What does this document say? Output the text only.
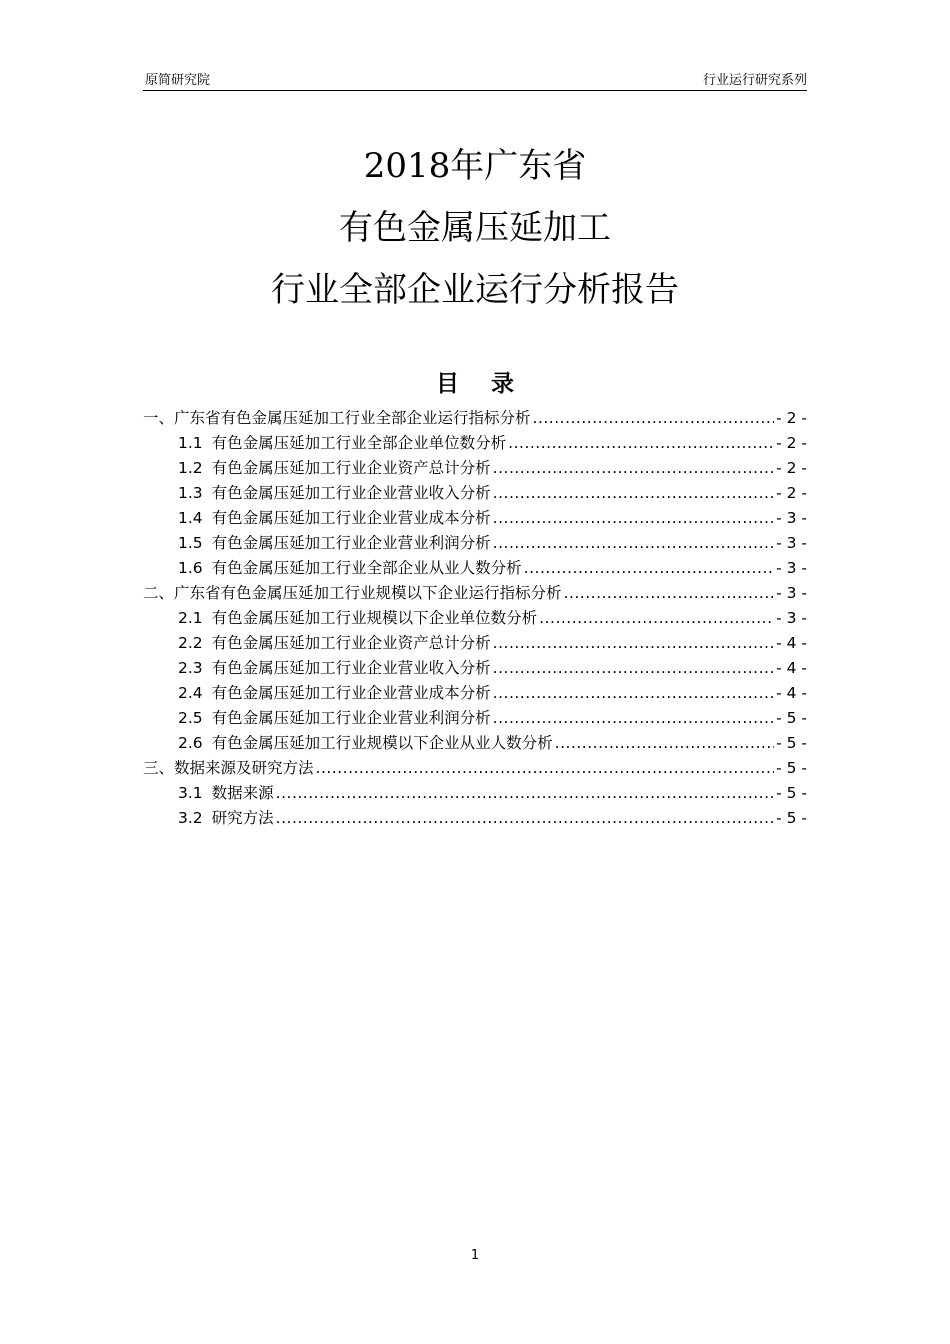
原简研究院	行业运行研究系列
2018年广东省
有色金属压延加工
行业全部企业运行分析报告
目 录
一、广东省有色金属压延加工行业全部企业运行指标分析 .....	- 2 -
1.1 有色金属压延加工行业全部企业单位数分析 .....	- 2 -
1.2 有色金属压延加工行业企业资产总计分析 .....	- 2 -
1.3 有色金属压延加工行业企业营业收入分析 .....	- 2 -
1.4 有色金属压延加工行业企业营业成本分析 .....	- 3 -
1.5 有色金属压延加工行业企业营业利润分析 .....	- 3 -
1.6 有色金属压延加工行业全部企业从业人数分析 .....	- 3 -
二、广东省有色金属压延加工行业规模以下企业运行指标分析 .....	- 3 -
2.1 有色金属压延加工行业规模以下企业单位数分析 .....	- 3 -
2.2 有色金属压延加工行业企业资产总计分析 .....	- 4 -
2.3 有色金属压延加工行业企业营业收入分析 .....	- 4 -
2.4 有色金属压延加工行业企业营业成本分析 .....	- 4 -
2.5 有色金属压延加工行业企业营业利润分析 .....	- 5 -
2.6 有色金属压延加工行业规模以下企业从业人数分析 .....	- 5 -
三、数据来源及研究方法 .....	- 5 -
3.1 数据来源 .....	- 5 -
3.2 研究方法 .....	- 5 -
1
